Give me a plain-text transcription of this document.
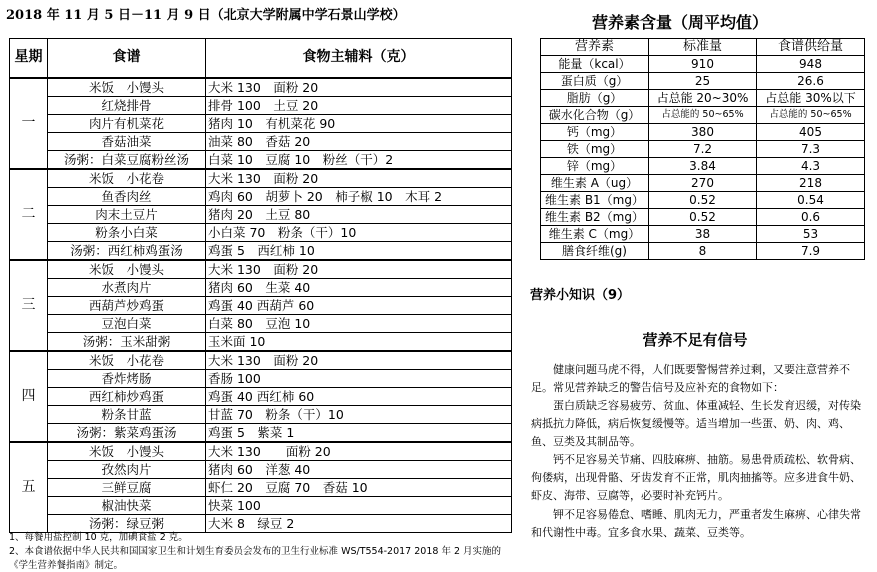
2018 年 11 月 5 日－11 月 9 日（北京大学附属中学石景山学校）
星期	食谱	食物主辅料（克）
一	米饭　小馒头	大米 130　面粉 20
	红烧排骨	排骨 100　土豆 20
	肉片有机菜花	猪肉 10　有机菜花 90
	香菇油菜	油菜 80　香菇 20
	汤粥：白菜豆腐粉丝汤	白菜 10　豆腐 10　粉丝（干）2
二	米饭　小花卷	大米 130　面粉 20
	鱼香肉丝	鸡肉 60　胡萝卜 20　柿子椒 10　木耳 2
	肉末土豆片	猪肉 20　土豆 80
	粉条小白菜	小白菜 70　粉条（干）10
	汤粥：西红柿鸡蛋汤	鸡蛋 5　西红柿 10
三	米饭　小馒头	大米 130　面粉 20
	水煮肉片	猪肉 60　生菜 40
	西葫芦炒鸡蛋	鸡蛋 40 西葫芦 60
	豆泡白菜	白菜 80　豆泡 10
	汤粥：玉米甜粥	玉米面 10
四	米饭　小花卷	大米 130　面粉 20
	香炸烤肠	香肠 100
	西红柿炒鸡蛋	鸡蛋 40 西红柿 60
	粉条甘蓝	甘蓝 70　粉条（干）10
	汤粥：紫菜鸡蛋汤	鸡蛋 5　紫菜 1
五	米饭　小馒头	大米 130　　面粉 20
	孜然肉片	猪肉 60　洋葱 40
	三鲜豆腐	虾仁 20　豆腐 70　香菇 10
	椒油快菜	快菜 100
	汤粥：绿豆粥	大米 8　绿豆 2
1、每餐用盐控制 10 克，加碘食盐 2 克。
2、本食谱依据中华人民共和国国家卫生和计划生育委员会发布的卫生行业标准 WS/T554-2017 2018 年 2 月实施的《学生营养餐指南》制定。
营养素含量（周平均值）
营养素	标准量	食谱供给量
能量（kcal）	910	948
蛋白质（g）	25	26.6
脂肪（g）	占总能 20~30%	占总能 30%以下
碳水化合物（g）	占总能的 50~65%	占总能的 50~65%
钙（mg）	380	405
铁（mg）	7.2	7.3
锌（mg）	3.84	4.3
维生素 A（ug）	270	218
维生素 B1（mg）	0.52	0.54
维生素 B2（mg）	0.52	0.6
维生素 C（mg）	38	53
膳食纤维(g)	8	7.9
营养小知识（9）
营养不足有信号
健康问题马虎不得，人们既要警惕营养过剩，又要注意营养不足。常见营养缺乏的警告信号及应补充的食物如下：
蛋白质缺乏容易疲劳、贫血、体重减轻、生长发育迟缓，对传染病抵抗力降低，病后恢复缓慢等。适当增加一些蛋、奶、肉、鸡、鱼、豆类及其制品等。
钙不足容易关节痛、四肢麻痹、抽筋。易患骨质疏松、软骨病、佝偻病，出现骨骼、牙齿发育不正常，肌肉抽搐等。应多进食牛奶、虾皮、海带、豆腐等，必要时补充钙片。
钾不足容易倦怠、嗜睡、肌肉无力，严重者发生麻痹、心律失常和代谢性中毒。宜多食水果、蔬菜、豆类等。
